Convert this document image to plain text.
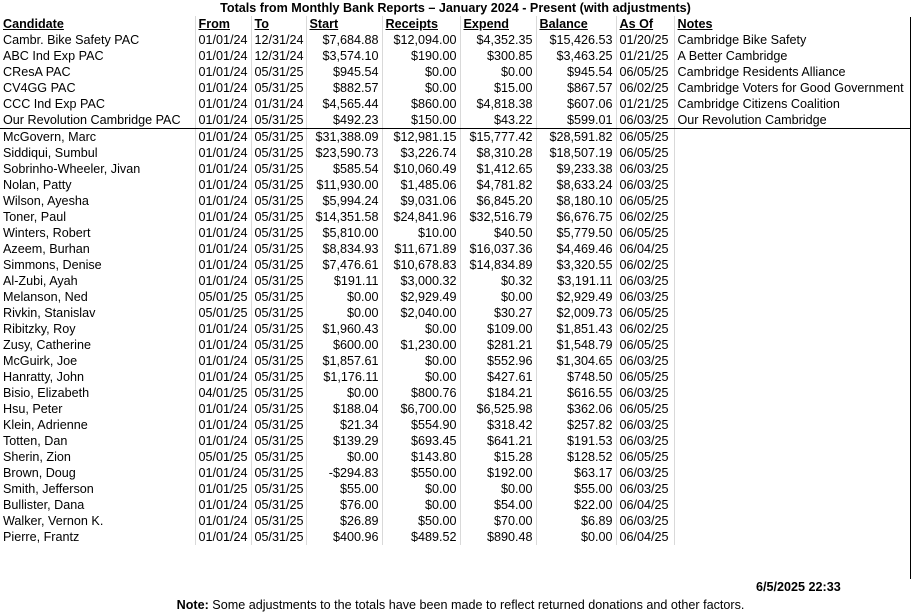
Totals from Monthly Bank Reports – January 2024 - Present (with adjustments)								
Candidate	From	To	Start	Receipts	Expend	Balance	As Of	Notes
Cambr. Bike Safety PAC	01/01/24	12/31/24	$7,684.88	$12,094.00	$4,352.35	$15,426.53	01/20/25	Cambridge Bike Safety
ABC Ind Exp PAC	01/01/24	12/31/24	$3,574.10	$190.00	$300.85	$3,463.25	01/21/25	A Better Cambridge
CResA PAC	01/01/24	05/31/25	$945.54	$0.00	$0.00	$945.54	06/05/25	Cambridge Residents Alliance
CV4GG PAC	01/01/24	05/31/25	$882.57	$0.00	$15.00	$867.57	06/02/25	Cambridge Voters for Good Government
CCC Ind Exp PAC	01/01/24	01/31/24	$4,565.44	$860.00	$4,818.38	$607.06	01/21/25	Cambridge Citizens Coalition
Our Revolution Cambridge PAC	01/01/24	05/31/25	$492.23	$150.00	$43.22	$599.01	06/03/25	Our Revolution Cambridge
McGovern, Marc	01/01/24	05/31/25	$31,388.09	$12,981.15	$15,777.42	$28,591.82	06/05/25	
Siddiqui, Sumbul	01/01/24	05/31/25	$23,590.73	$3,226.74	$8,310.28	$18,507.19	06/05/25	
Sobrinho-Wheeler, Jivan	01/01/24	05/31/25	$585.54	$10,060.49	$1,412.65	$9,233.38	06/03/25	
Nolan, Patty	01/01/24	05/31/25	$11,930.00	$1,485.06	$4,781.82	$8,633.24	06/03/25	
Wilson, Ayesha	01/01/24	05/31/25	$5,994.24	$9,031.06	$6,845.20	$8,180.10	06/05/25	
Toner, Paul	01/01/24	05/31/25	$14,351.58	$24,841.96	$32,516.79	$6,676.75	06/02/25	
Winters, Robert	01/01/24	05/31/25	$5,810.00	$10.00	$40.50	$5,779.50	06/05/25	
Azeem, Burhan	01/01/24	05/31/25	$8,834.93	$11,671.89	$16,037.36	$4,469.46	06/04/25	
Simmons, Denise	01/01/24	05/31/25	$7,476.61	$10,678.83	$14,834.89	$3,320.55	06/02/25	
Al-Zubi, Ayah	01/01/24	05/31/25	$191.11	$3,000.32	$0.32	$3,191.11	06/03/25	
Melanson, Ned	05/01/25	05/31/25	$0.00	$2,929.49	$0.00	$2,929.49	06/03/25	
Rivkin, Stanislav	05/01/25	05/31/25	$0.00	$2,040.00	$30.27	$2,009.73	06/05/25	
Ribitzky, Roy	01/01/24	05/31/25	$1,960.43	$0.00	$109.00	$1,851.43	06/02/25	
Zusy, Catherine	01/01/24	05/31/25	$600.00	$1,230.00	$281.21	$1,548.79	06/05/25	
McGuirk, Joe	01/01/24	05/31/25	$1,857.61	$0.00	$552.96	$1,304.65	06/03/25	
Hanratty, John	01/01/24	05/31/25	$1,176.11	$0.00	$427.61	$748.50	06/05/25	
Bisio, Elizabeth	04/01/25	05/31/25	$0.00	$800.76	$184.21	$616.55	06/03/25	
Hsu, Peter	01/01/24	05/31/25	$188.04	$6,700.00	$6,525.98	$362.06	06/05/25	
Klein, Adrienne	01/01/24	05/31/25	$21.34	$554.90	$318.42	$257.82	06/03/25	
Totten, Dan	01/01/24	05/31/25	$139.29	$693.45	$641.21	$191.53	06/03/25	
Sherin, Zion	05/01/25	05/31/25	$0.00	$143.80	$15.28	$128.52	06/05/25	
Brown, Doug	01/01/24	05/31/25	-$294.83	$550.00	$192.00	$63.17	06/03/25	
Smith, Jefferson	01/01/25	05/31/25	$55.00	$0.00	$0.00	$55.00	06/03/25	
Bullister, Dana	01/01/24	05/31/25	$76.00	$0.00	$54.00	$22.00	06/04/25	
Walker, Vernon K.	01/01/24	05/31/25	$26.89	$50.00	$70.00	$6.89	06/03/25	
Pierre, Frantz	01/01/24	05/31/25	$400.96	$489.52	$890.48	$0.00	06/04/25	
6/5/2025 22:33
Note: Some adjustments to the totals have been made to reflect returned donations and other factors.
